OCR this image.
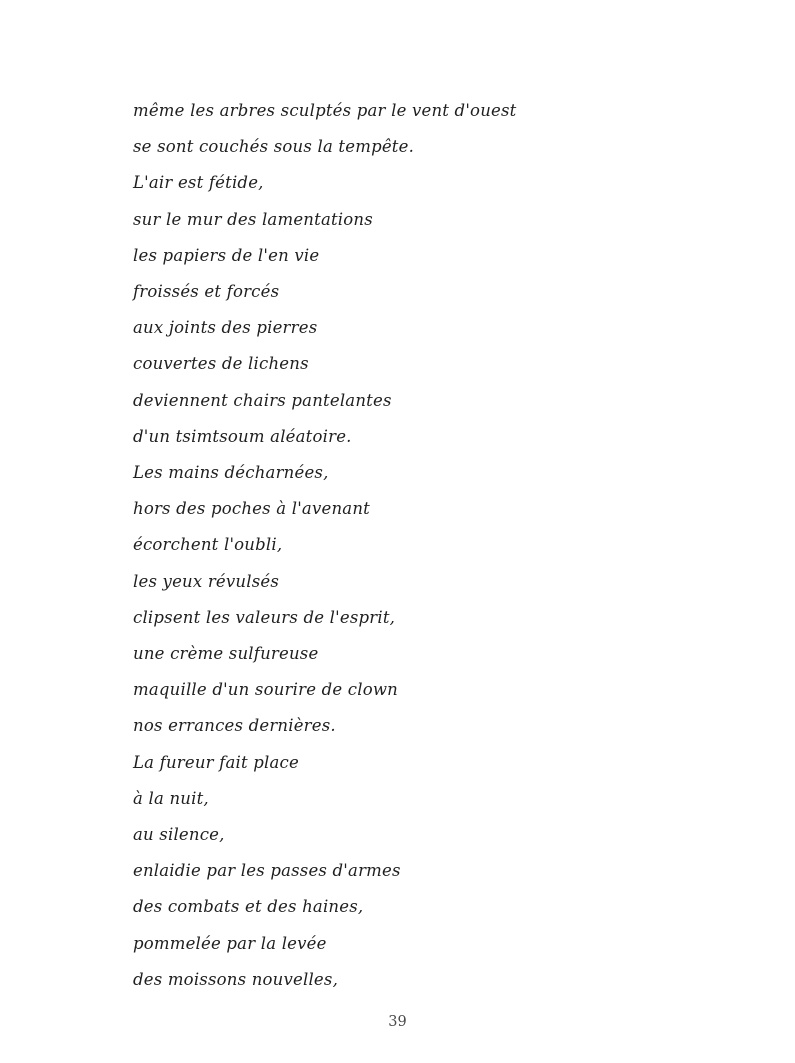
même les arbres sculptés par le vent d'ouest

se sont couchés sous la tempête.

L'air est fétide,

sur le mur des lamentations

les papiers de l'en vie

froissés et forcés

aux joints des pierres

couvertes de lichens

deviennent chairs pantelantes

d'un tsimtsoum aléatoire.

Les mains décharnées,

hors des poches à l'avenant

écorchent l'oubli,

les yeux révulsés

clipsent les valeurs de l'esprit,

une crème sulfureuse

maquille d'un sourire de clown

nos errances dernières.

La fureur fait place

à la nuit,

au silence,

enlaidie par les passes d'armes

des combats et des haines,

pommelée par la levée

des moissons nouvelles,

39
